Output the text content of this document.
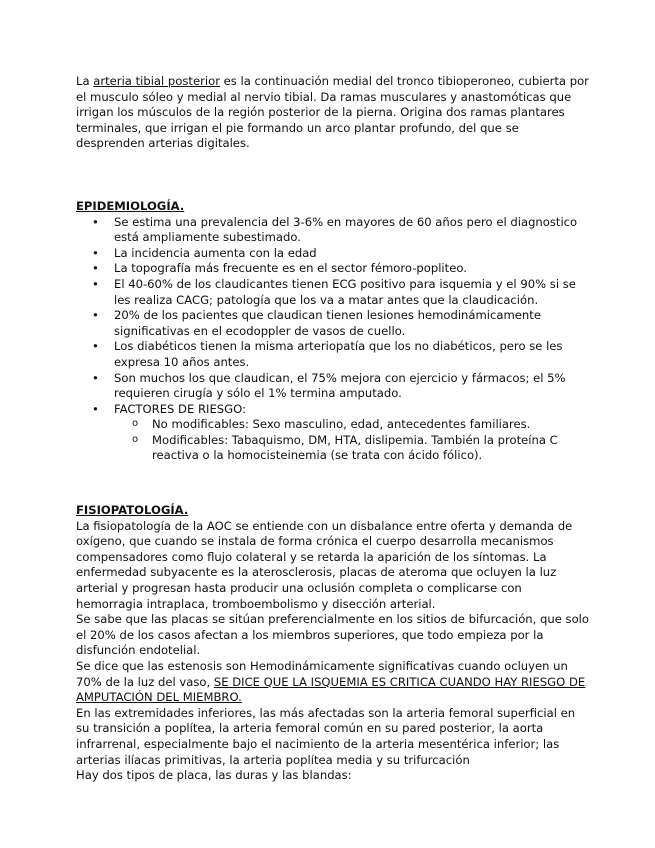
La arteria tibial posterior es la continuación medial del tronco tibioperoneo, cubierta por el musculo sóleo y medial al nervio tibial. Da ramas musculares y anastomóticas que irrigan los músculos de la región posterior de la pierna. Origina dos ramas plantares terminales, que irrigan el pie formando un arco plantar profundo, del que se desprenden arterias digitales.

EPIDEMIOLOGÍA.

• Se estima una prevalencia del 3-6% en mayores de 60 años pero el diagnostico está ampliamente subestimado.
• La incidencia aumenta con la edad
• La topografía más frecuente es en el sector fémoro-popliteo.
• El 40-60% de los claudicantes tienen ECG positivo para isquemia y el 90% si se les realiza CACG; patología que los va a matar antes que la claudicación.
• 20% de los pacientes que claudican tienen lesiones hemodinámicamente significativas en el ecodoppler de vasos de cuello.
• Los diabéticos tienen la misma arteriopatía que los no diabéticos, pero se les expresa 10 años antes.
• Son muchos los que claudican, el 75% mejora con ejercicio y fármacos; el 5% requieren cirugía y sólo el 1% termina amputado.
• FACTORES DE RIESGO:
o No modificables: Sexo masculino, edad, antecedentes familiares.
o Modificables: Tabaquismo, DM, HTA, dislipemia. También la proteína C reactiva o la homocisteinemia (se trata con ácido fólico).

FISIOPATOLOGÍA.

La fisiopatología de la AOC se entiende con un disbalance entre oferta y demanda de oxígeno, que cuando se instala de forma crónica el cuerpo desarrolla mecanismos compensadores como flujo colateral y se retarda la aparición de los síntomas. La enfermedad subyacente es la aterosclerosis, placas de ateroma que ocluyen la luz arterial y progresan hasta producir una oclusión completa o complicarse con hemorragia intraplaca, tromboembolismo y disección arterial.

Se sabe que las placas se sitúan preferencialmente en los sitios de bifurcación, que solo el 20% de los casos afectan a los miembros superiores, que todo empieza por la disfunción endotelial.

Se dice que las estenosis son Hemodinámicamente significativas cuando ocluyen un 70% de la luz del vaso, SE DICE QUE LA ISQUEMIA ES CRITICA CUANDO HAY RIESGO DE AMPUTACIÓN DEL MIEMBRO.

En las extremidades inferiores, las más afectadas son la arteria femoral superficial en su transición a poplítea, la arteria femoral común en su pared posterior, la aorta infrarrenal, especialmente bajo el nacimiento de la arteria mesentérica inferior; las arterias ilíacas primitivas, la arteria poplítea media y su trifurcación

Hay dos tipos de placa, las duras y las blandas:
